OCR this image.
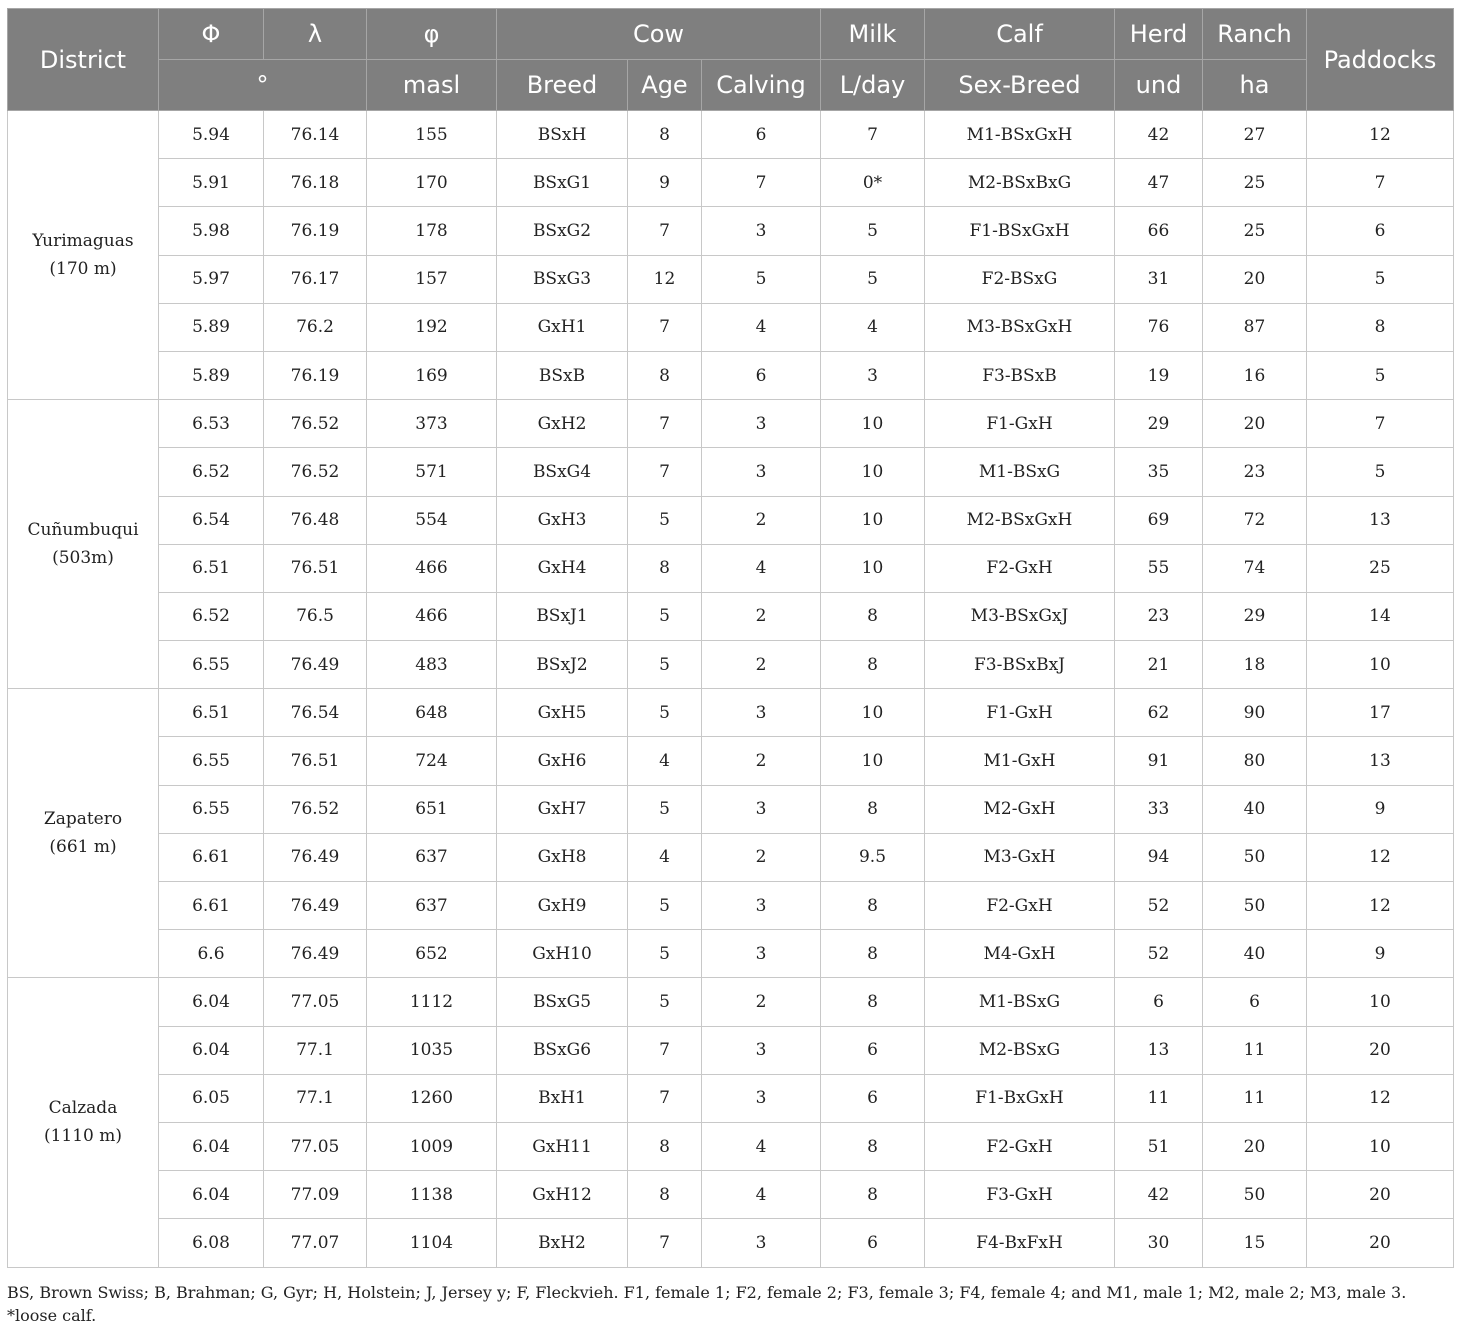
District	Φ	λ	φ	Cow			Milk	Calf	Herd	Ranch	Paddocks
	°		masl	Breed	Age	Calving	L/day	Sex-Breed	und	ha	

Yurimaguas
(170 m)	5.94	76.14	155	BSxH	8	6	7	M1-BSxGxH	42	27	12
	5.91	76.18	170	BSxG1	9	7	0*	M2-BSxBxG	47	25	7
	5.98	76.19	178	BSxG2	7	3	5	F1-BSxGxH	66	25	6
	5.97	76.17	157	BSxG3	12	5	5	F2-BSxG	31	20	5
	5.89	76.2	192	GxH1	7	4	4	M3-BSxGxH	76	87	8
	5.89	76.19	169	BSxB	8	6	3	F3-BSxB	19	16	5

Cuñumbuqui
(503m)	6.53	76.52	373	GxH2	7	3	10	F1-GxH	29	20	7
	6.52	76.52	571	BSxG4	7	3	10	M1-BSxG	35	23	5
	6.54	76.48	554	GxH3	5	2	10	M2-BSxGxH	69	72	13
	6.51	76.51	466	GxH4	8	4	10	F2-GxH	55	74	25
	6.52	76.5	466	BSxJ1	5	2	8	M3-BSxGxJ	23	29	14
	6.55	76.49	483	BSxJ2	5	2	8	F3-BSxBxJ	21	18	10

Zapatero
(661 m)	6.51	76.54	648	GxH5	5	3	10	F1-GxH	62	90	17
	6.55	76.51	724	GxH6	4	2	10	M1-GxH	91	80	13
	6.55	76.52	651	GxH7	5	3	8	M2-GxH	33	40	9
	6.61	76.49	637	GxH8	4	2	9.5	M3-GxH	94	50	12
	6.61	76.49	637	GxH9	5	3	8	F2-GxH	52	50	12
	6.6	76.49	652	GxH10	5	3	8	M4-GxH	52	40	9

Calzada
(1110 m)	6.04	77.05	1112	BSxG5	5	2	8	M1-BSxG	6	6	10
	6.04	77.1	1035	BSxG6	7	3	6	M2-BSxG	13	11	20
	6.05	77.1	1260	BxH1	7	3	6	F1-BxGxH	11	11	12
	6.04	77.05	1009	GxH11	8	4	8	F2-GxH	51	20	10
	6.04	77.09	1138	GxH12	8	4	8	F3-GxH	42	50	20
	6.08	77.07	1104	BxH2	7	3	6	F4-BxFxH	30	15	20
BS, Brown Swiss; B, Brahman; G, Gyr; H, Holstein; J, Jersey y; F, Fleckvieh. F1, female 1; F2, female 2; F3, female 3; F4, female 4; and M1, male 1; M2, male 2; M3, male 3.
*loose calf.
